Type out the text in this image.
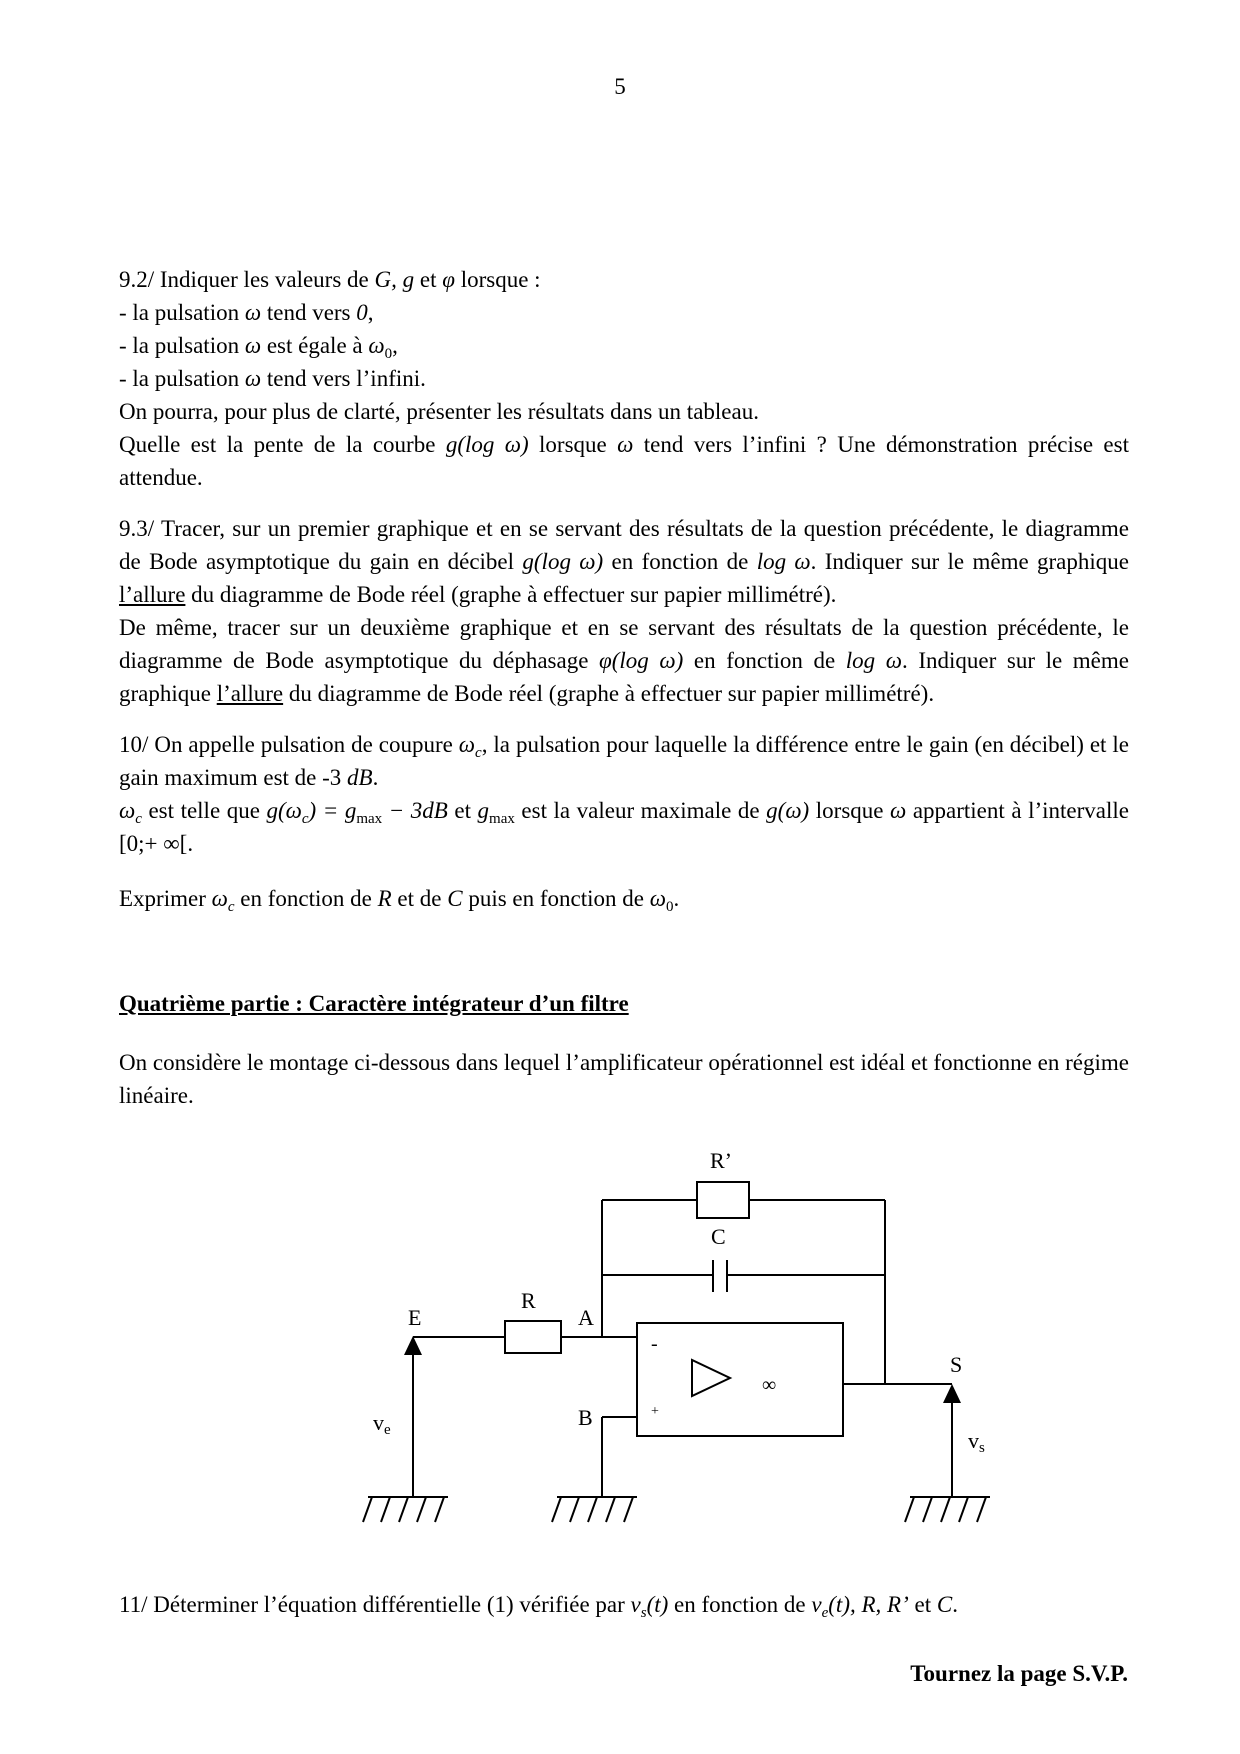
5

9.2/ Indiquer les valeurs de G, g et φ lorsque :

- la pulsation ω tend vers 0,

- la pulsation ω est égale à $\omega_0$,

- la pulsation ω tend vers l’infini.

On pourra, pour plus de clarté, présenter les résultats dans un tableau.

Quelle est la pente de la courbe g(log ω) lorsque ω tend vers l’infini ? Une démonstration précise est attendue.

9.3/ Tracer, sur un premier graphique et en se servant des résultats de la question précédente, le diagramme de Bode asymptotique du gain en décibel g(log ω) en fonction de log ω. Indiquer sur le même graphique l’allure du diagramme de Bode réel (graphe à effectuer sur papier millimétré).

De même, tracer sur un deuxième graphique et en se servant des résultats de la question précédente, le diagramme de Bode asymptotique du déphasage φ(log ω) en fonction de log ω. Indiquer sur le même graphique l’allure du diagramme de Bode réel (graphe à effectuer sur papier millimétré).

10/ On appelle pulsation de coupure $\omega_c$, la pulsation pour laquelle la différence entre le gain (en décibel) et le gain maximum est de -3 dB.

$\omega_c$ est telle que $g(\omega_c) = g_{max} - 3dB$ et $g_{max}$ est la valeur maximale de g(ω) lorsque ω appartient à l’intervalle [0;+ ∞[.

Exprimer $\omega_c$ en fonction de R et de C puis en fonction de $\omega_0$.

Quatrième partie : Caractère intégrateur d’un filtre

On considère le montage ci-dessous dans lequel l’amplificateur opérationnel est idéal et fonctionne en régime linéaire.

R’
C
R
E	A
B
S
-
+
∞
ve	vs

11/ Déterminer l’équation différentielle (1) vérifiée par $v_s(t)$ en fonction de $v_e(t)$, R, R’ et C.

Tournez la page S.V.P.
